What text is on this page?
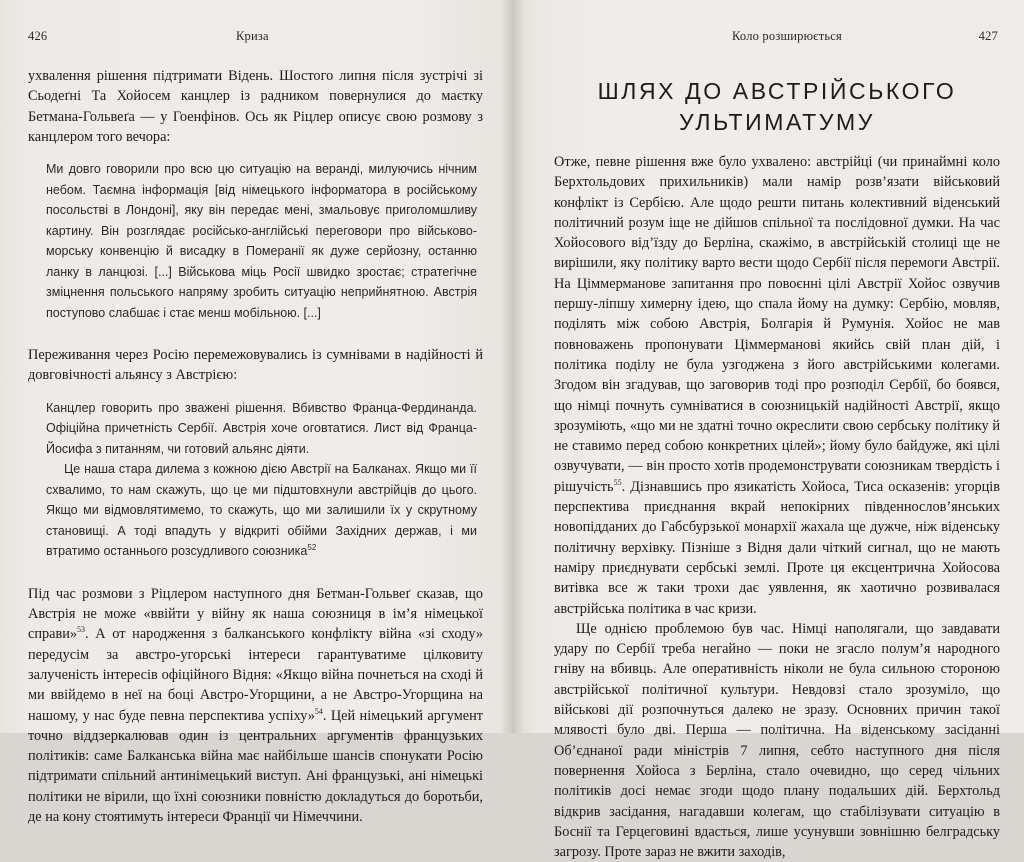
426	Криза

ухвалення рішення підтримати Відень. Шостого липня після зустрічі зі Сьодеґні Та Хойосем канцлер із радником повернулися до маєтку Бетмана-Гольвеґа — у Гоенфінов. Ось як Ріцлер описує свою розмову з канцлером того вечора:

Ми довго говорили про всю цю ситуацію на веранді, милуючись нічним небом. Таємна інформація [від німецького інформатора в російському посольстві в Лондоні], яку він передає мені, змальовує приголомшливу картину. Він розглядає російсько-англійські переговори про військово-морську конвенцію й висадку в Померанії як дуже серйозну, останню ланку в ланцюзі. [...] Військова міць Росії швидко зростає; стратегічне зміцнення польського напряму зробить ситуацію неприйнятною. Австрія поступово слабшає і стає менш мобільною. [...]

Переживання через Росію перемежовувались із сумнівами в надійності й довговічності альянсу з Австрією:

Канцлер говорить про зважені рішення. Вбивство Франца-Фердинанда. Офіційна причетність Сербії. Австрія хоче оговтатися. Лист від Франца-Йосифа з питанням, чи готовий альянс діяти.

Це наша стара дилема з кожною дією Австрії на Балканах. Якщо ми її схвалимо, то нам скажуть, що це ми підштовхнули австрійців до цього. Якщо ми відмовлятимемо, то скажуть, що ми залишили їх у скрутному становищі. А тоді впадуть у відкриті обійми Західних держав, і ми втратимо останнього розсудливого союзника$^{52}$

Під час розмови з Ріцлером наступного дня Бетман-Гольвеґ сказав, що Австрія не може «ввійти у війну як наша союзниця в ім’я німецької справи»$^{53}$. А от народження з балканського конфлікту війна «зі сходу» передусім за австро-угорські інтереси гарантуватиме цілковиту залученість інтересів офіційного Відня: «Якщо війна почнеться на сході й ми ввійдемо в неї на боці Австро-Угорщини, а не Австро-Угорщина на нашому, у нас буде певна перспектива успіху»$^{54}$. Цей німецький аргумент точно віддзеркалював один із центральних аргументів французьких політиків: саме Балканська війна має найбільше шансів спонукати Росію підтримати спільний антинімецький виступ. Ані французькі, ані німецькі політики не вірили, що їхні союзники повністю докладуться до боротьби, де на кону стоятимуть інтереси Франції чи Німеччини.

Коло розширюється	427
ШЛЯХ ДО АВСТРІЙСЬКОГО
УЛЬТИМАТУМУ

Отже, певне рішення вже було ухвалено: австрійці (чи принаймні коло Берхтольдових прихильників) мали намір розв’язати військовий конфлікт із Сербією. Але щодо решти питань колективний віденський політичний розум іще не дійшов спільної та послідовної думки. На час Хойосового від’їзду до Берліна, скажімо, в австрійській столиці ще не вирішили, яку політику варто вести щодо Сербії після перемоги Австрії. На Ціммерманове запитання про повоєнні цілі Австрії Хойос озвучив першу-ліпшу химерну ідею, що спала йому на думку: Сербію, мовляв, поділять між собою Австрія, Болгарія й Румунія. Хойос не мав повноважень пропонувати Ціммерманові якийсь свій план дій, і політика поділу не була узгоджена з його австрійськими колегами. Згодом він згадував, що заговорив тоді про розподіл Сербії, бо боявся, що німці почнуть сумніватися в союзницькій надійності Австрії, якщо зрозуміють, «що ми не здатні точно окреслити свою сербську політику й не ставимо перед собою конкретних цілей»; йому було байдуже, які цілі озвучувати, — він просто хотів продемонструвати союзникам твердість і рішучість$^{55}$. Дізнавшись про язикатість Хойоса, Тиса осказенів: угорців перспектива приєднання вкрай непокірних південнослов’янських новопідданих до Габсбурзької монархії жахала ще дужче, ніж віденську політичну верхівку. Пізніше з Відня дали чіткий сигнал, що не мають наміру приєднувати сербські землі. Проте ця ексцентрична Хойосова витівка все ж таки трохи дає уявлення, як хаотично розвивалася австрійська політика в час кризи.

Ще однією проблемою був час. Німці наполягали, що завдавати удару по Сербії треба негайно — поки не згасло полум’я народного гніву на вбивць. Але оперативність ніколи не була сильною стороною австрійської політичної культури. Невдовзі стало зрозуміло, що військові дії розпочнуться далеко не зразу. Основних причин такої млявості було дві. Перша — політична. На віденському засіданні Об’єднаної ради міністрів 7 липня, себто наступного дня після повернення Хойоса з Берліна, стало очевидно, що серед чільних політиків досі немає згоди щодо плану подальших дій. Берхтольд відкрив засідання, нагадавши колегам, що стабілізувати ситуацію в Боснії та Герцеговині вдасться, лише усунувши зовнішню белградську загрозу. Проте зараз не вжити заходів,
